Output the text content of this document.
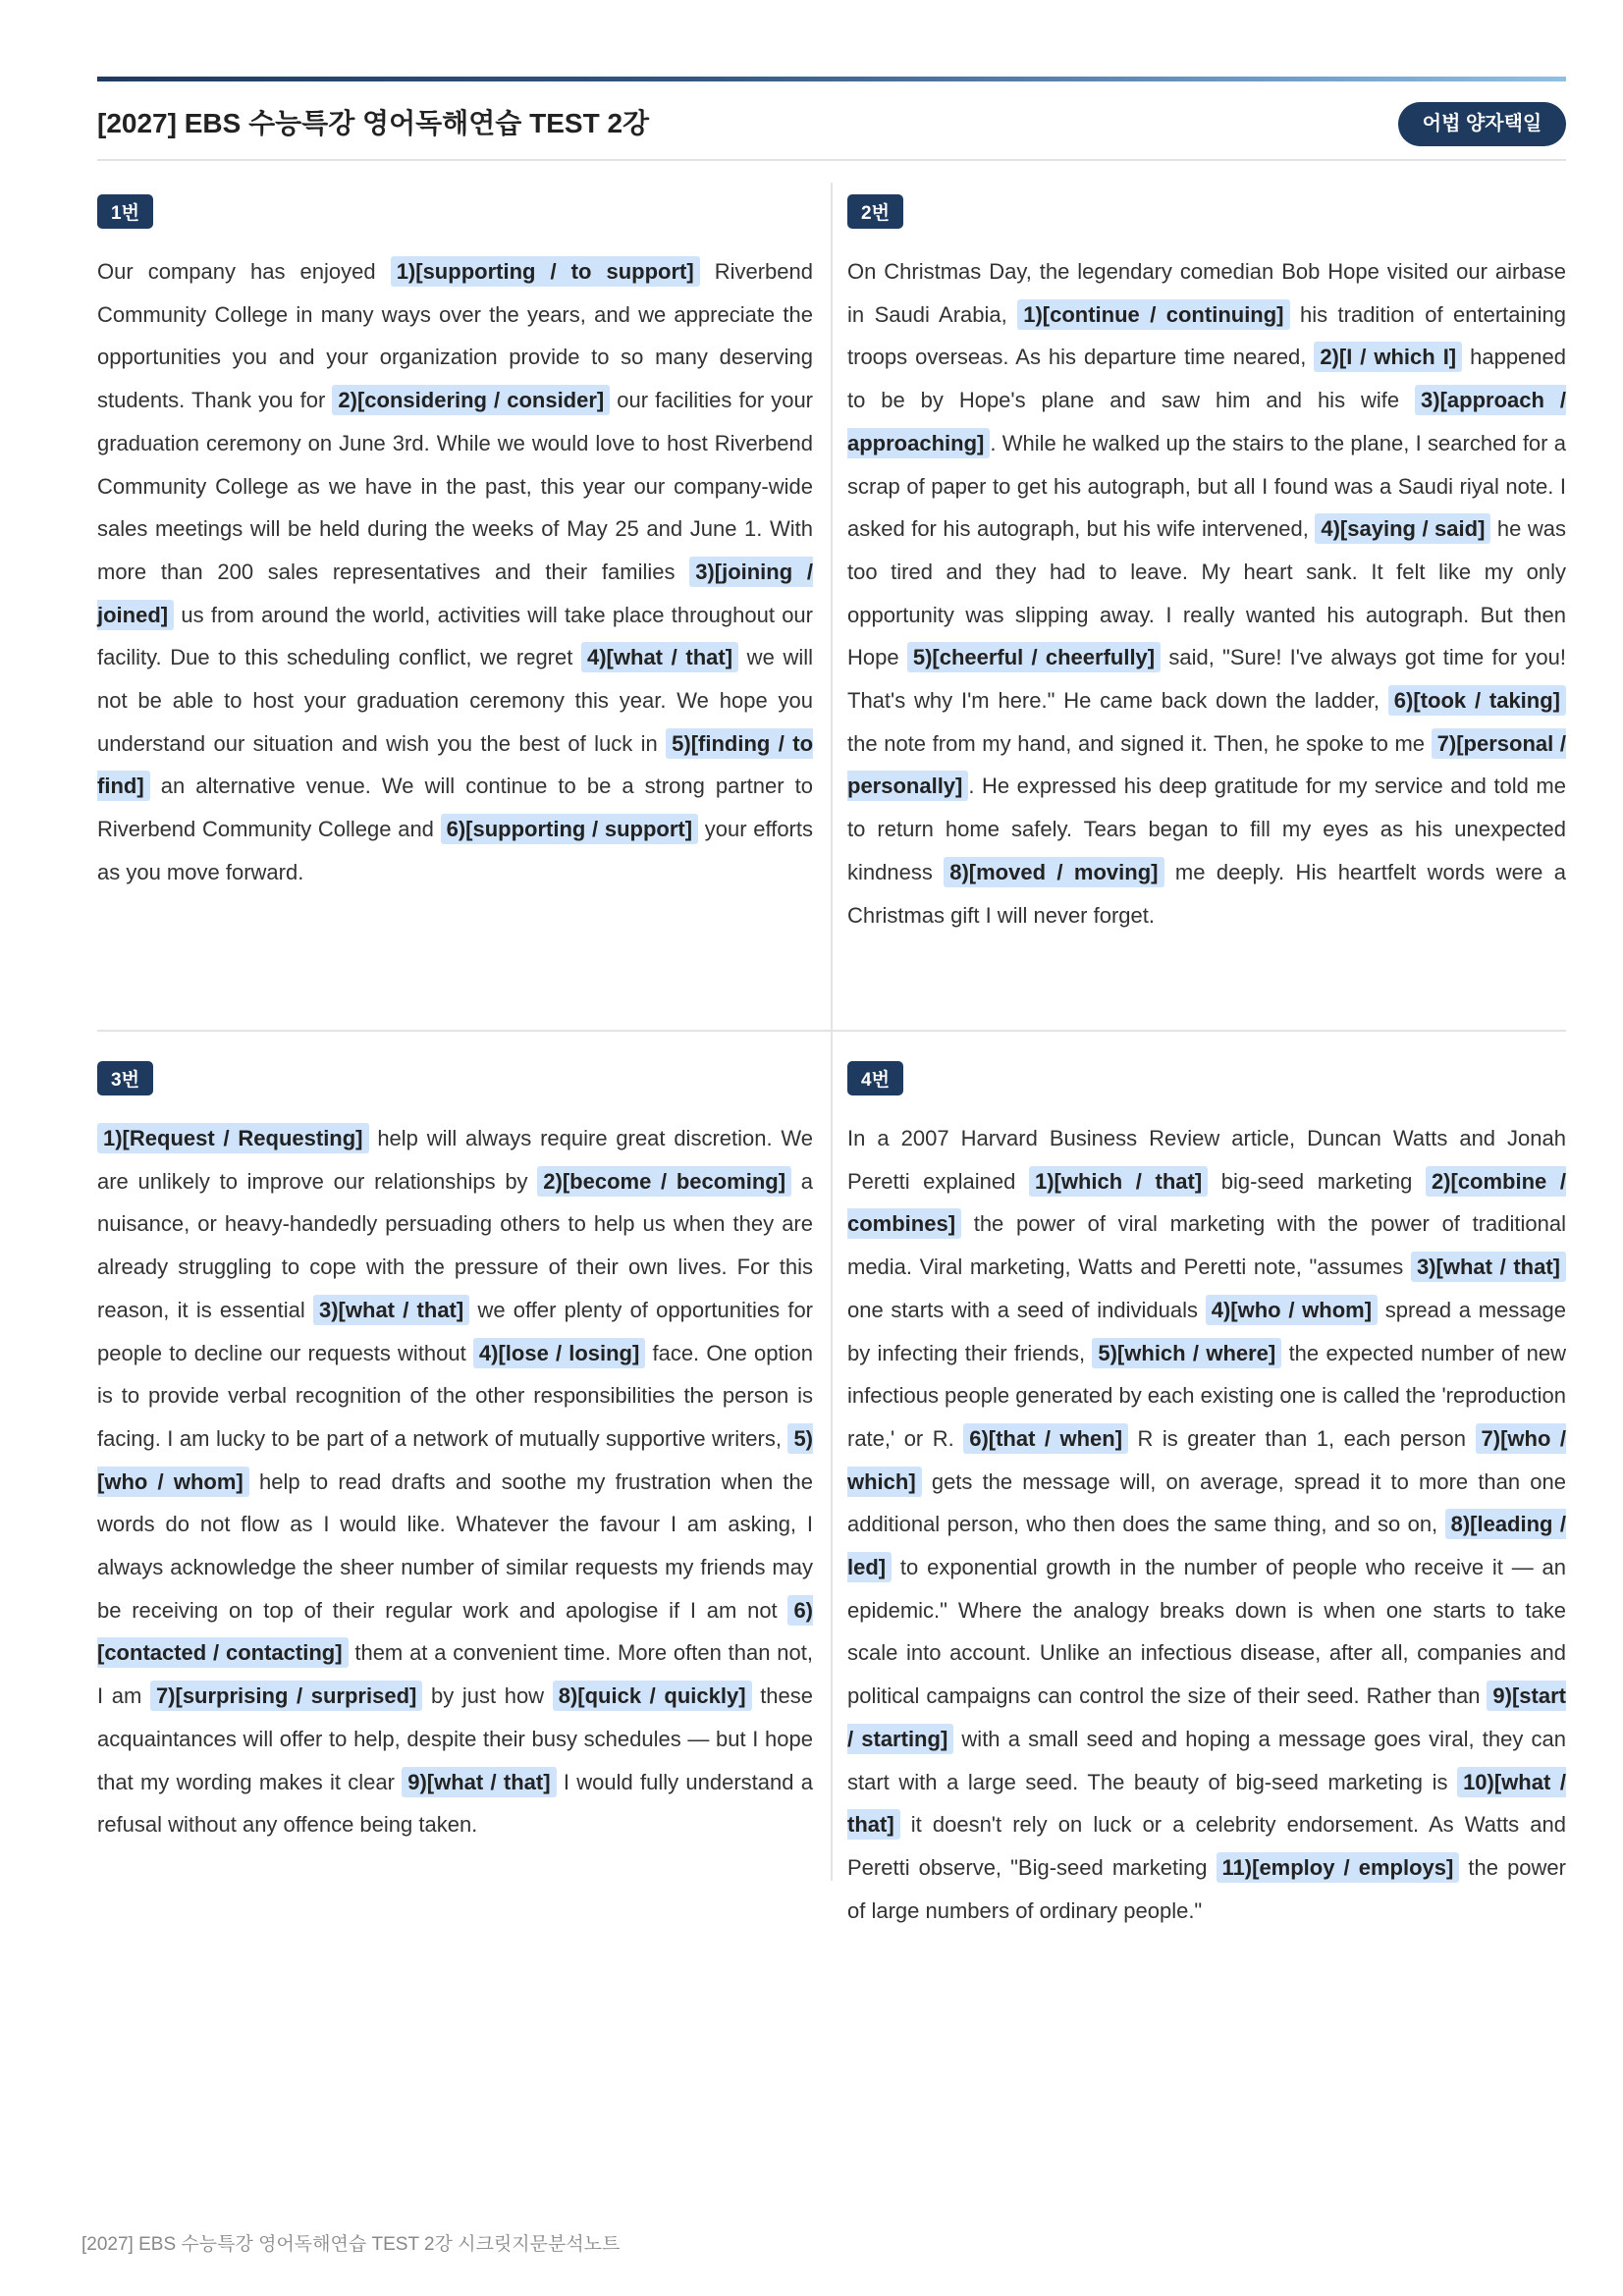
[2027] EBS 수능특강 영어독해연습 TEST 2강	어법 양자택일
1번

Our company has enjoyed 1)[supporting / to support] Riverbend Community College in many ways over the years, and we appreciate the opportunities you and your organization provide to so many deserving students. Thank you for 2)[considering / consider] our facilities for your graduation ceremony on June 3rd. While we would love to host Riverbend Community College as we have in the past, this year our company-wide sales meetings will be held during the weeks of May 25 and June 1. With more than 200 sales representatives and their families 3)[joining / joined] us from around the world, activities will take place throughout our facility. Due to this scheduling conflict, we regret 4)[what / that] we will not be able to host your graduation ceremony this year. We hope you understand our situation and wish you the best of luck in 5)[finding / to find] an alternative venue. We will continue to be a strong partner to Riverbend Community College and 6)[supporting / support] your efforts as you move forward.

2번

On Christmas Day, the legendary comedian Bob Hope visited our airbase in Saudi Arabia, 1)[continue / continuing] his tradition of entertaining troops overseas. As his departure time neared, 2)[I / which I] happened to be by Hope's plane and saw him and his wife 3)[approach / approaching] . While he walked up the stairs to the plane, I searched for a scrap of paper to get his autograph, but all I found was a Saudi riyal note. I asked for his autograph, but his wife intervened, 4)[saying / said] he was too tired and they had to leave. My heart sank. It felt like my only opportunity was slipping away. I really wanted his autograph. But then Hope 5)[cheerful / cheerfully] said, "Sure! I've always got time for you! That's why I'm here." He came back down the ladder, 6)[took / taking] the note from my hand, and signed it. Then, he spoke to me 7)[personal / personally] . He expressed his deep gratitude for my service and told me to return home safely. Tears began to fill my eyes as his unexpected kindness 8)[moved / moving] me deeply. His heartfelt words were a Christmas gift I will never forget.

3번

1)[Request / Requesting] help will always require great discretion. We are unlikely to improve our relationships by 2)[become / becoming] a nuisance, or heavy-handedly persuading others to help us when they are already struggling to cope with the pressure of their own lives. For this reason, it is essential 3)[what / that] we offer plenty of opportunities for people to decline our requests without 4)[lose / losing] face. One option is to provide verbal recognition of the other responsibilities the person is facing. I am lucky to be part of a network of mutually supportive writers, 5)[who / whom] help to read drafts and soothe my frustration when the words do not flow as I would like. Whatever the favour I am asking, I always acknowledge the sheer number of similar requests my friends may be receiving on top of their regular work and apologise if I am not 6)[contacted / contacting] them at a convenient time. More often than not, I am 7)[surprising / surprised] by just how 8)[quick / quickly] these acquaintances will offer to help, despite their busy schedules — but I hope that my wording makes it clear 9)[what / that] I would fully understand a refusal without any offence being taken.

4번

In a 2007 Harvard Business Review article, Duncan Watts and Jonah Peretti explained 1)[which / that] big-seed marketing 2)[combine / combines] the power of viral marketing with the power of traditional media. Viral marketing, Watts and Peretti note, "assumes 3)[what / that] one starts with a seed of individuals 4)[who / whom] spread a message by infecting their friends, 5)[which / where] the expected number of new infectious people generated by each existing one is called the 'reproduction rate,' or R. 6)[that / when] R is greater than 1, each person 7)[who / which] gets the message will, on average, spread it to more than one additional person, who then does the same thing, and so on, 8)[leading / led] to exponential growth in the number of people who receive it — an epidemic." Where the analogy breaks down is when one starts to take scale into account. Unlike an infectious disease, after all, companies and political campaigns can control the size of their seed. Rather than 9)[start / starting] with a small seed and hoping a message goes viral, they can start with a large seed. The beauty of big-seed marketing is 10)[what / that] it doesn't rely on luck or a celebrity endorsement. As Watts and Peretti observe, "Big-seed marketing 11)[employ / employs] the power of large numbers of ordinary people."

[2027] EBS 수능특강 영어독해연습 TEST 2강 시크릿지문분석노트
